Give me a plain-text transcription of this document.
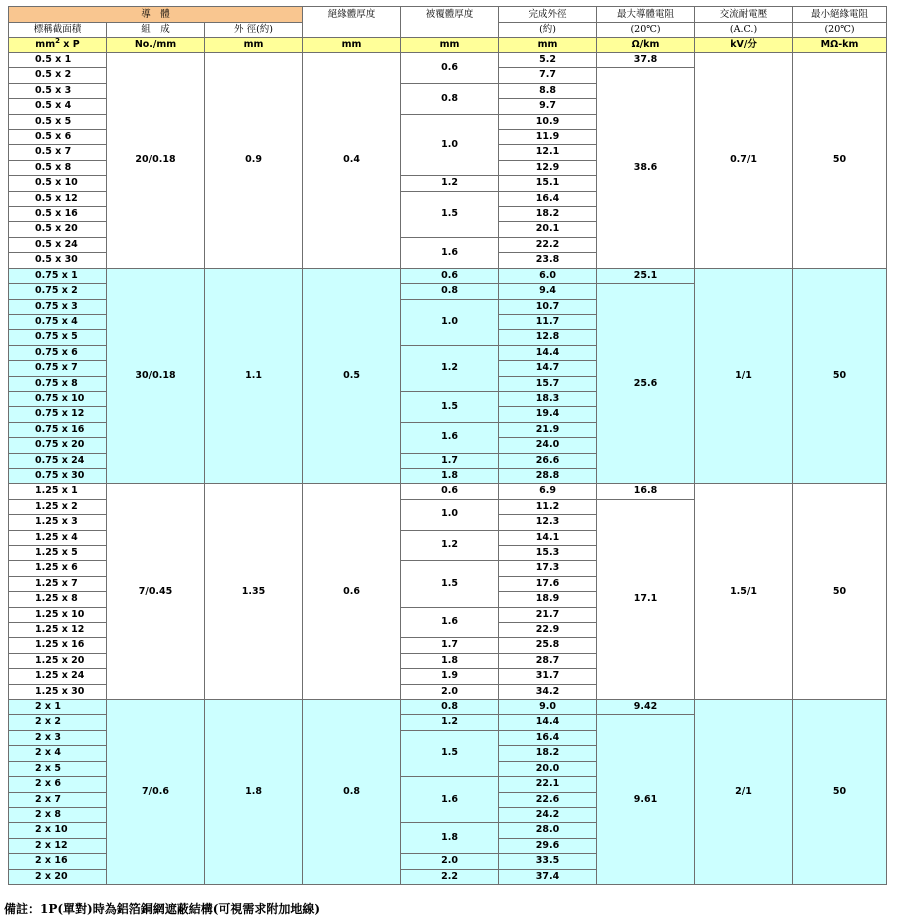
導　體			絕緣體厚度	被覆體厚度	完成外徑	最大導體電阻	交流耐電壓	最小絕緣電阻
標稱截面積	組　成	外 徑(約)			(約)	(20℃)	(A.C.)	(20℃)
$mm^2$ x P	No./mm	mm	mm	mm	mm	Ω/km	kV/分	MΩ-km
0.5 x 1	20/0.18	0.9	0.4	0.6	5.2	37.8	0.7/1	50
0.5 x 2					7.7	38.6		
0.5 x 3				0.8	8.8			
0.5 x 4					9.7			
0.5 x 5				1.0	10.9			
0.5 x 6					11.9			
0.5 x 7					12.1			
0.5 x 8					12.9			
0.5 x 10				1.2	15.1			
0.5 x 12				1.5	16.4			
0.5 x 16					18.2			
0.5 x 20					20.1			
0.5 x 24				1.6	22.2			
0.5 x 30					23.8			
0.75 x 1	30/0.18	1.1	0.5	0.6	6.0	25.1	1/1	50
0.75 x 2				0.8	9.4	25.6		
0.75 x 3				1.0	10.7			
0.75 x 4					11.7			
0.75 x 5					12.8			
0.75 x 6				1.2	14.4			
0.75 x 7					14.7			
0.75 x 8					15.7			
0.75 x 10				1.5	18.3			
0.75 x 12					19.4			
0.75 x 16				1.6	21.9			
0.75 x 20					24.0			
0.75 x 24				1.7	26.6			
0.75 x 30				1.8	28.8			
1.25 x 1	7/0.45	1.35	0.6	0.6	6.9	16.8	1.5/1	50
1.25 x 2				1.0	11.2	17.1		
1.25 x 3					12.3			
1.25 x 4				1.2	14.1			
1.25 x 5					15.3			
1.25 x 6				1.5	17.3			
1.25 x 7					17.6			
1.25 x 8					18.9			
1.25 x 10				1.6	21.7			
1.25 x 12					22.9			
1.25 x 16				1.7	25.8			
1.25 x 20				1.8	28.7			
1.25 x 24				1.9	31.7			
1.25 x 30				2.0	34.2			
2 x 1	7/0.6	1.8	0.8	0.8	9.0	9.42	2/1	50
2 x 2				1.2	14.4	9.61		
2 x 3				1.5	16.4			
2 x 4					18.2			
2 x 5					20.0			
2 x 6				1.6	22.1			
2 x 7					22.6			
2 x 8					24.2			
2 x 10				1.8	28.0			
2 x 12					29.6			
2 x 16				2.0	33.5			
2 x 20				2.2	37.4			
備註：1P(單對)時為鋁箔銅網遮蔽結構(可視需求附加地線)
